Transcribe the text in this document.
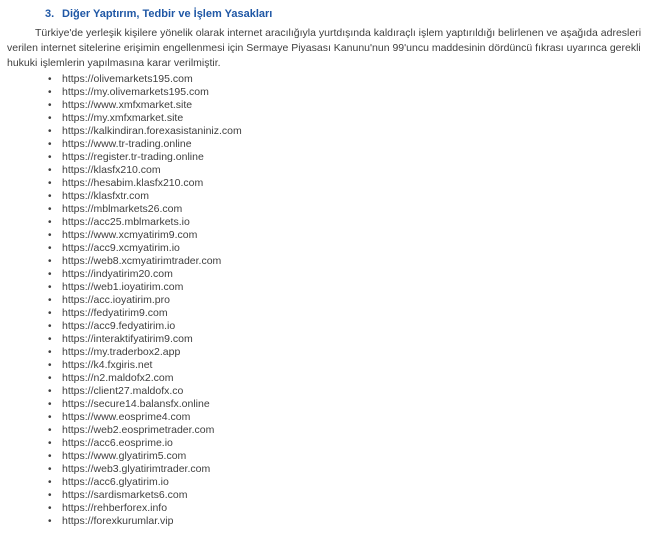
3. Diğer Yaptırım, Tedbir ve İşlem Yasakları

Türkiye'de yerleşik kişilere yönelik olarak internet aracılığıyla yurtdışında kaldıraçlı işlem yaptırıldığı belirlenen ve aşağıda adresleri verilen internet sitelerine erişimin engellenmesi için Sermaye Piyasası Kanunu'nun 99'uncu maddesinin dördüncü fıkrası uyarınca gerekli hukuki işlemlerin yapılmasına karar verilmiştir.

• https://olivemarkets195.com
• https://my.olivemarkets195.com
• https://www.xmfxmarket.site
• https://my.xmfxmarket.site
• https://kalkindiran.forexasistaniniz.com
• https://www.tr-trading.online
• https://register.tr-trading.online
• https://klasfx210.com
• https://hesabim.klasfx210.com
• https://klasfxtr.com
• https://mblmarkets26.com
• https://acc25.mblmarkets.io
• https://www.xcmyatirim9.com
• https://acc9.xcmyatirim.io
• https://web8.xcmyatirimtrader.com
• https://indyatirim20.com
• https://web1.ioyatirim.com
• https://acc.ioyatirim.pro
• https://fedyatirim9.com
• https://acc9.fedyatirim.io
• https://interaktifyatirim9.com
• https://my.traderbox2.app
• https://k4.fxgiris.net
• https://n2.maldofx2.com
• https://client27.maldofx.co
• https://secure14.balansfx.online
• https://www.eosprime4.com
• https://web2.eosprimetrader.com
• https://acc6.eosprime.io
• https://www.glyatirim5.com
• https://web3.glyatirimtrader.com
• https://acc6.glyatirim.io
• https://sardismarkets6.com
• https://rehberforex.info
• https://forexkurumlar.vip
